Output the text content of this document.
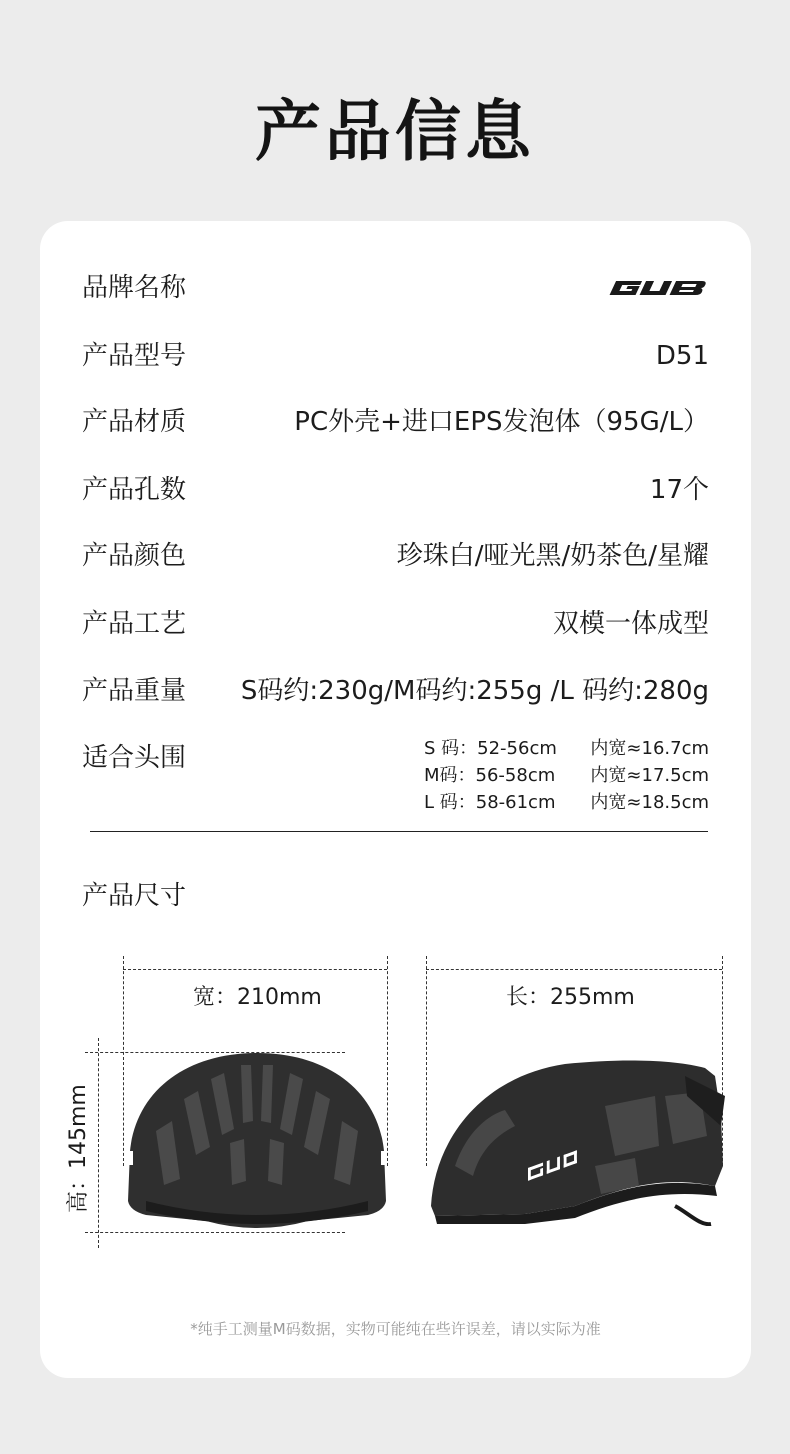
产品信息
品牌名称
产品型号	D51
产品材质	PC外壳+进口EPS发泡体（95G/L）
产品孔数	17个
产品颜色	珍珠白/哑光黑/奶茶色/星耀
产品工艺	双模一体成型
产品重量 S码约:230g/M码约:255g /L 码约:280g
适合头围	S 码：52-56cm 内宽≈16.7cm
M码：56-58cm 内宽≈17.5cm
L 码：58-61cm 内宽≈18.5cm
产品尺寸
宽：210mm	长：255mm
高：145mm
*纯手工测量M码数据，实物可能纯在些许误差，请以实际为准
